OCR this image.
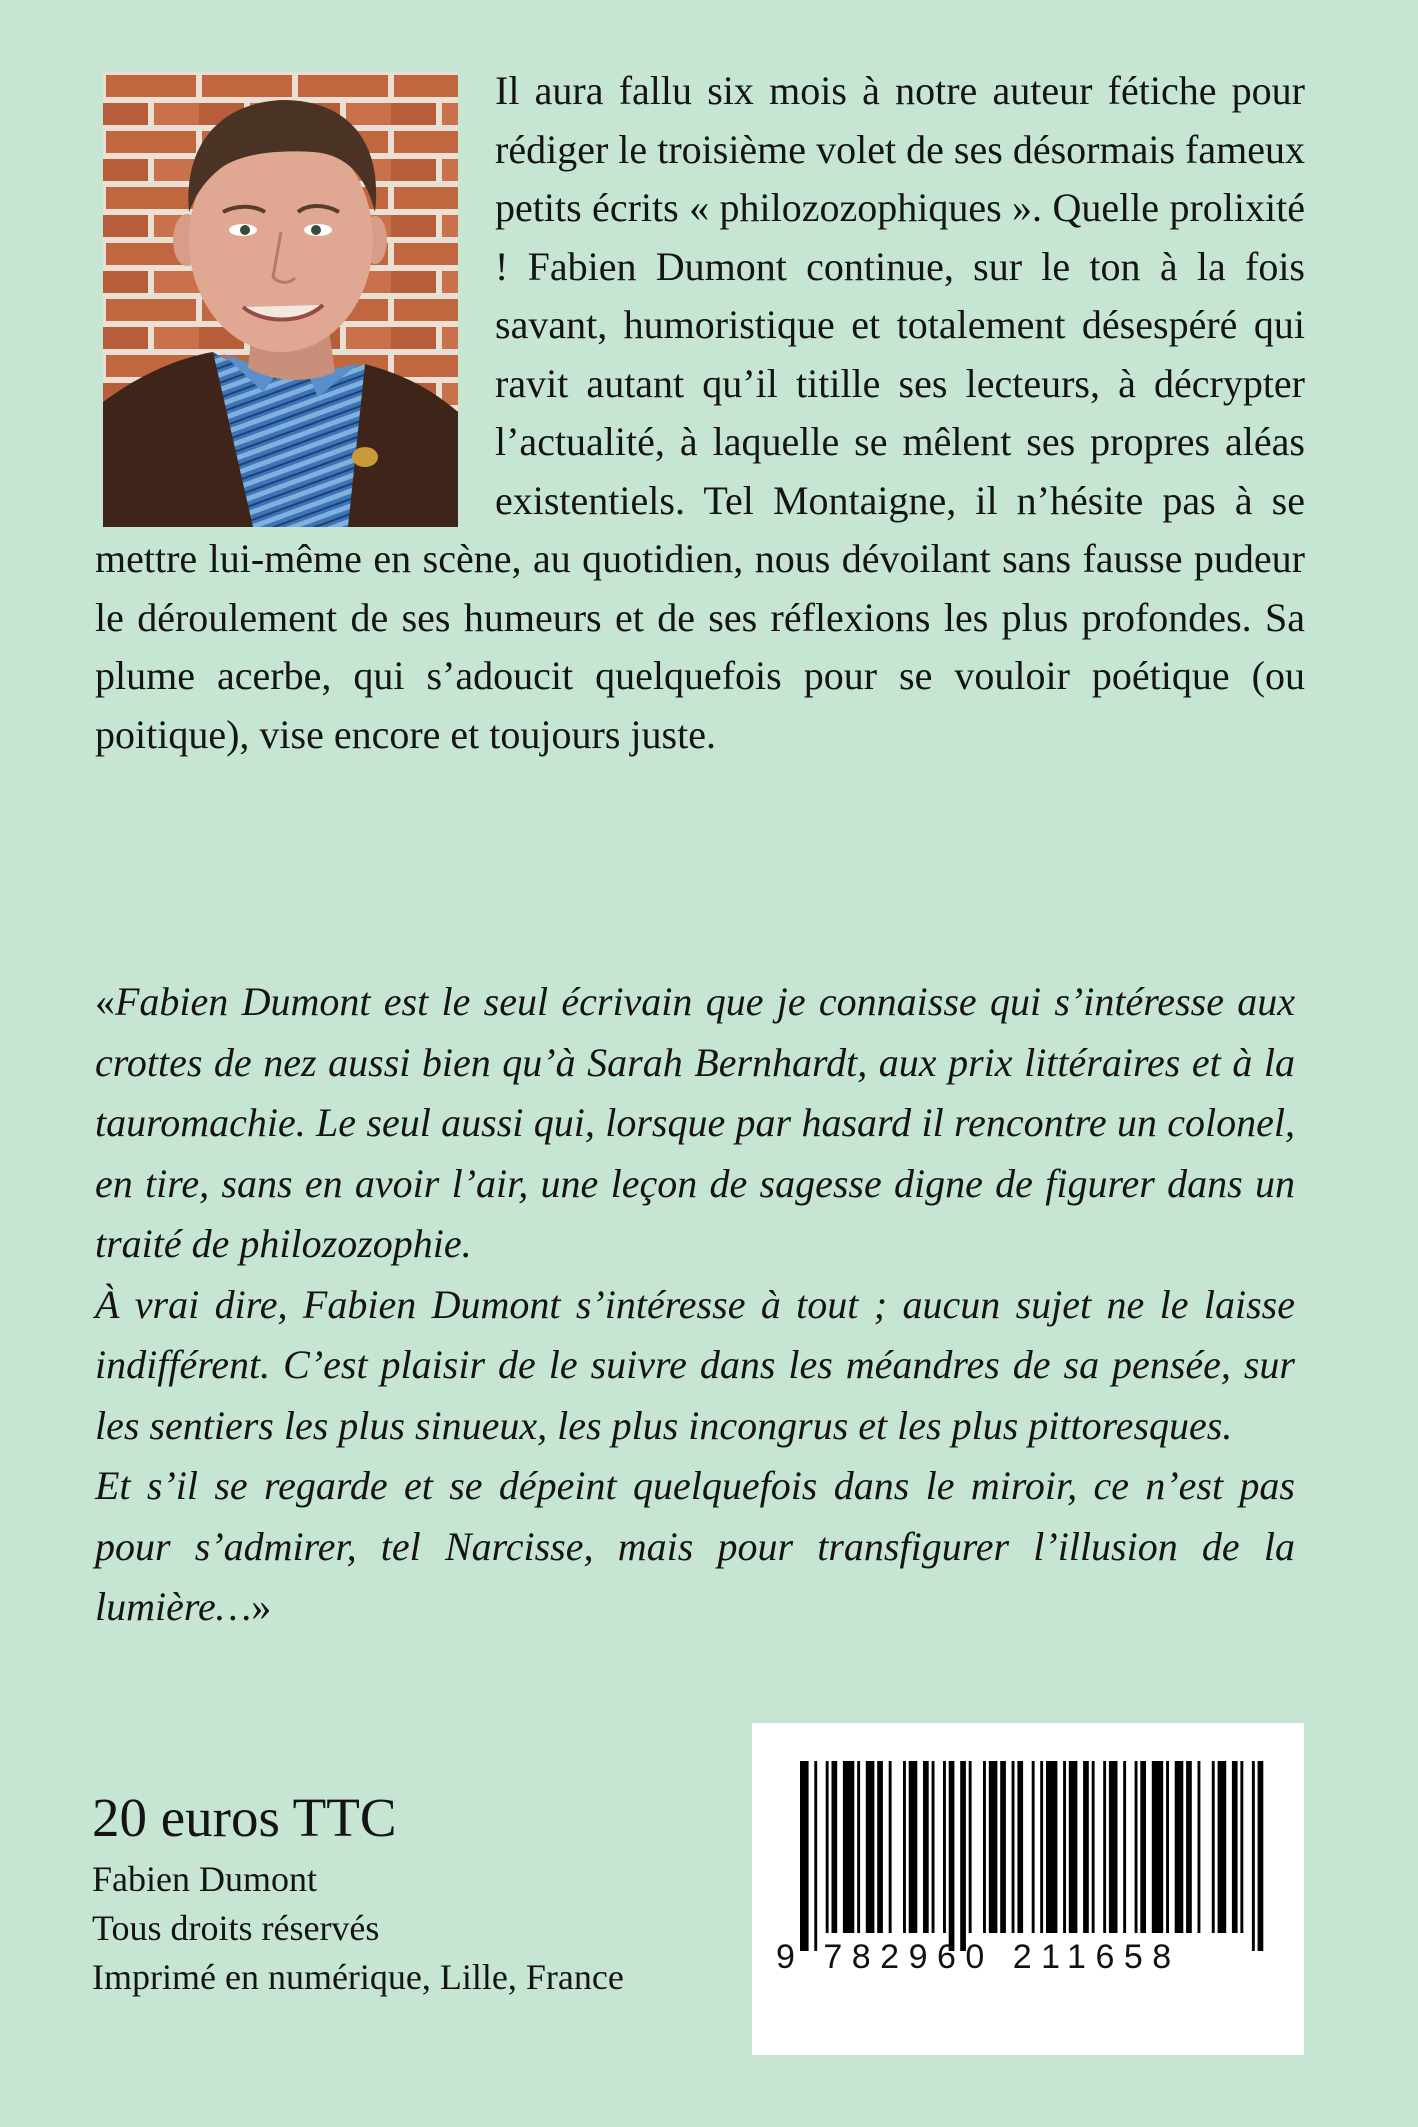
Il aura fallu six mois à notre auteur fétiche pour rédiger le troisième volet de ses désormais fameux petits écrits « philozozophiques ». Quelle prolixité ! Fabien Dumont continue, sur le ton à la fois savant, humoristique et totalement désespéré qui ravit autant qu’il titille ses lecteurs, à décrypter l’actualité, à laquelle se mêlent ses propres aléas existentiels. Tel Montaigne, il n’hésite pas à se mettre lui-même en scène, au quotidien, nous dévoilant sans fausse pudeur le déroulement de ses humeurs et de ses réflexions les plus profondes. Sa plume acerbe, qui s’adoucit quelquefois pour se vouloir poétique (ou poitique), vise encore et toujours juste.

«Fabien Dumont est le seul écrivain que je connaisse qui s’intéresse aux crottes de nez aussi bien qu’à Sarah Bernhardt, aux prix littéraires et à la tauromachie. Le seul aussi qui, lorsque par hasard il rencontre un colonel, en tire, sans en avoir l’air, une leçon de sagesse digne de figurer dans un traité de philozozophie.

À vrai dire, Fabien Dumont s’intéresse à tout ; aucun sujet ne le laisse indifférent. C’est plaisir de le suivre dans les méandres de sa pensée, sur les sentiers les plus sinueux, les plus incongrus et les plus pittoresques.

Et s’il se regarde et se dépeint quelquefois dans le miroir, ce n’est pas pour s’admirer, tel Narcisse, mais pour transfigurer l’illusion de la lumière…»

20 euros TTC

Fabien Dumont

Tous droits réservés

Imprimé en numérique, Lille, France	9 782960 211658
